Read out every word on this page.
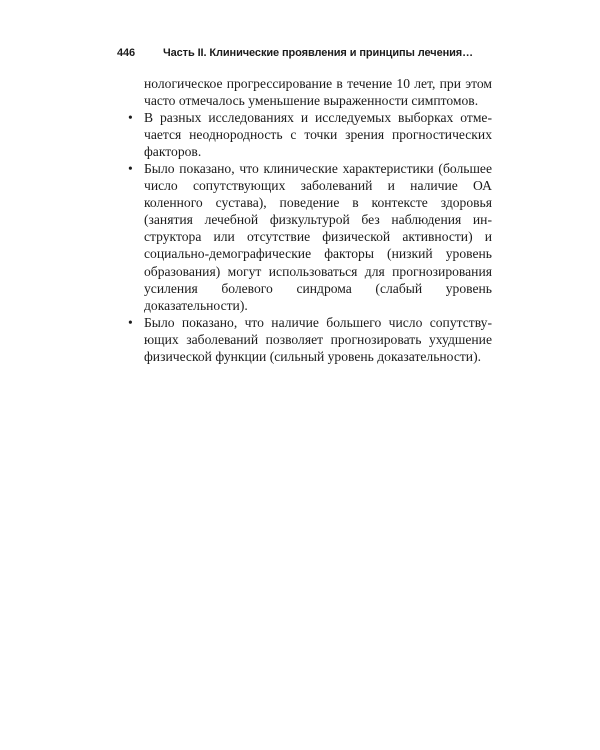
446	Часть II. Клинические проявления и принципы лечения…

нологическое прогрессирование в течение 10 лет, при этом часто отмечалось уменьшение выраженности симптомов.

• В разных исследованиях и исследуемых выборках отмечается неоднородность с точки зрения прогностических факторов.
• Было показано, что клинические характеристики (большее число сопутствующих заболеваний и наличие ОА коленного сустава), поведение в контексте здоровья (занятия лечебной физкультурой без наблюдения инструктора или отсутствие физической активности) и социально-демографические факторы (низкий уровень образования) могут использоваться для прогнозирования усиления болевого синдрома (слабый уровень доказательности).
• Было показано, что наличие большего число сопутствующих заболеваний позволяет прогнозировать ухудшение физической функции (сильный уровень доказательности).
